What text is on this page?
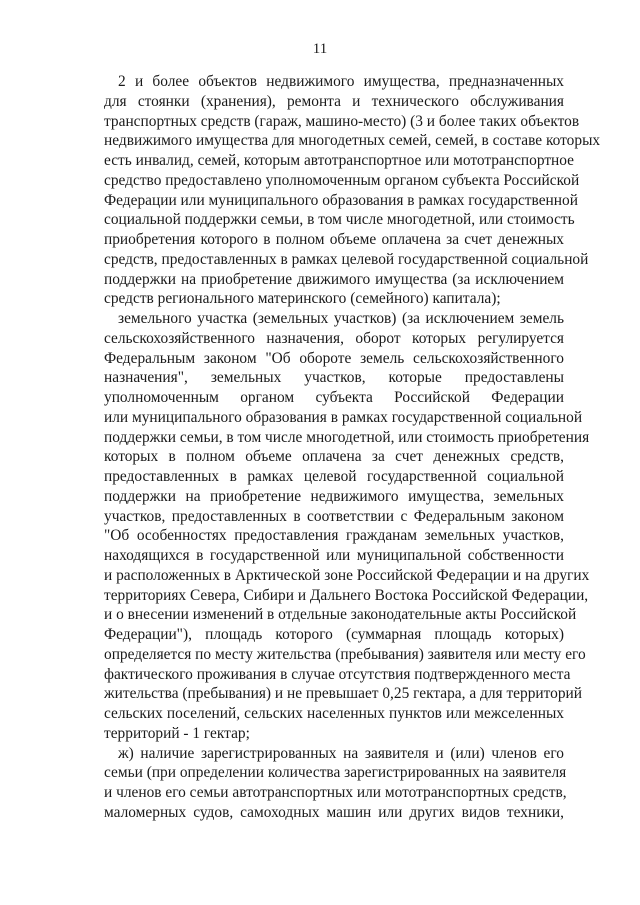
11
2 и более объектов недвижимого имущества, предназначенных
для стоянки (хранения), ремонта и технического обслуживания
транспортных средств (гараж, машино-место) (3 и более таких объектов
недвижимого имущества для многодетных семей, семей, в составе которых
есть инвалид, семей, которым автотранспортное или мототранспортное
средство предоставлено уполномоченным органом субъекта Российской
Федерации или муниципального образования в рамках государственной
социальной поддержки семьи, в том числе многодетной, или стоимость
приобретения которого в полном объеме оплачена за счет денежных
средств, предоставленных в рамках целевой государственной социальной
поддержки на приобретение движимого имущества (за исключением
средств регионального материнского (семейного) капитала);
земельного участка (земельных участков) (за исключением земель
сельскохозяйственного назначения, оборот которых регулируется
Федеральным законом "Об обороте земель сельскохозяйственного
назначения", земельных участков, которые предоставлены
уполномоченным органом субъекта Российской Федерации
или муниципального образования в рамках государственной социальной
поддержки семьи, в том числе многодетной, или стоимость приобретения
которых в полном объеме оплачена за счет денежных средств,
предоставленных в рамках целевой государственной социальной
поддержки на приобретение недвижимого имущества, земельных
участков, предоставленных в соответствии с Федеральным законом
"Об особенностях предоставления гражданам земельных участков,
находящихся в государственной или муниципальной собственности
и расположенных в Арктической зоне Российской Федерации и на других
территориях Севера, Сибири и Дальнего Востока Российской Федерации,
и о внесении изменений в отдельные законодательные акты Российской
Федерации"), площадь которого (суммарная площадь которых)
определяется по месту жительства (пребывания) заявителя или месту его
фактического проживания в случае отсутствия подтвержденного места
жительства (пребывания) и не превышает 0,25 гектара, а для территорий
сельских поселений, сельских населенных пунктов или межселенных
территорий - 1 гектар;
ж) наличие зарегистрированных на заявителя и (или) членов его
семьи (при определении количества зарегистрированных на заявителя
и членов его семьи автотранспортных или мототранспортных средств,
маломерных судов, самоходных машин или других видов техники,
